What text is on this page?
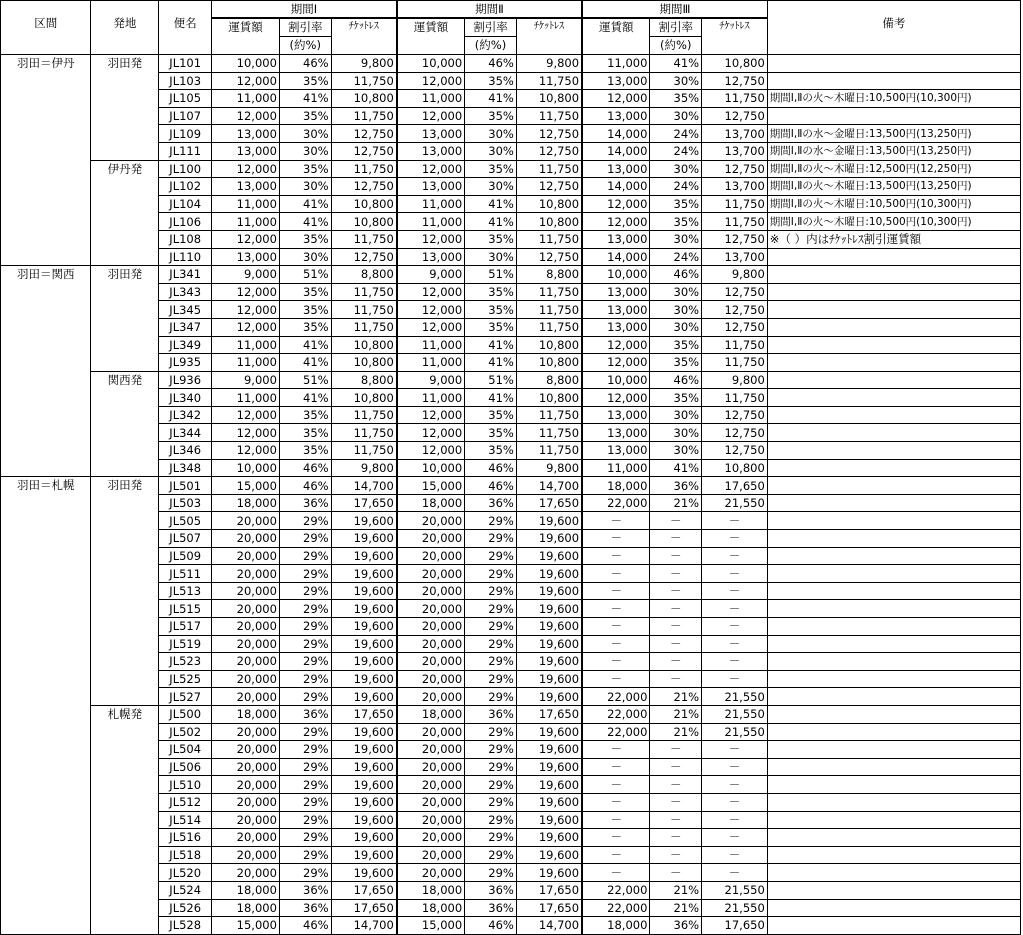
区間	発地	便名	期間Ⅰ			期間Ⅱ			期間Ⅲ			備考
			運賃額	割引率	ﾁｹｯﾄﾚｽ	運賃額	割引率	ﾁｹｯﾄﾚｽ	運賃額	割引率	ﾁｹｯﾄﾚｽ	
				(約%)			(約%)			(約%)		
羽田＝伊丹	羽田発	JL101	10,000	46%	9,800	10,000	46%	9,800	11,000	41%	10,800	
		JL103	12,000	35%	11,750	12,000	35%	11,750	13,000	30%	12,750	
		JL105	11,000	41%	10,800	11,000	41%	10,800	12,000	35%	11,750	期間Ⅰ,Ⅱの火～木曜日:10,500円(10,300円)
		JL107	12,000	35%	11,750	12,000	35%	11,750	13,000	30%	12,750	
		JL109	13,000	30%	12,750	13,000	30%	12,750	14,000	24%	13,700	期間Ⅰ,Ⅱの水～金曜日:13,500円(13,250円)
		JL111	13,000	30%	12,750	13,000	30%	12,750	14,000	24%	13,700	期間Ⅰ,Ⅱの水～金曜日:13,500円(13,250円)
	伊丹発	JL100	12,000	35%	11,750	12,000	35%	11,750	13,000	30%	12,750	期間Ⅰ,Ⅱの火～木曜日:12,500円(12,250円)
		JL102	13,000	30%	12,750	13,000	30%	12,750	14,000	24%	13,700	期間Ⅰ,Ⅱの火～木曜日:13,500円(13,250円)
		JL104	11,000	41%	10,800	11,000	41%	10,800	12,000	35%	11,750	期間Ⅰ,Ⅱの火～木曜日:10,500円(10,300円)
		JL106	11,000	41%	10,800	11,000	41%	10,800	12,000	35%	11,750	期間Ⅰ,Ⅱの火～木曜日:10,500円(10,300円)
		JL108	12,000	35%	11,750	12,000	35%	11,750	13,000	30%	12,750	※（ ）内はﾁｹｯﾄﾚｽ割引運賃額
		JL110	13,000	30%	12,750	13,000	30%	12,750	14,000	24%	13,700	
羽田＝関西	羽田発	JL341	9,000	51%	8,800	9,000	51%	8,800	10,000	46%	9,800	
		JL343	12,000	35%	11,750	12,000	35%	11,750	13,000	30%	12,750	
		JL345	12,000	35%	11,750	12,000	35%	11,750	13,000	30%	12,750	
		JL347	12,000	35%	11,750	12,000	35%	11,750	13,000	30%	12,750	
		JL349	11,000	41%	10,800	11,000	41%	10,800	12,000	35%	11,750	
		JL935	11,000	41%	10,800	11,000	41%	10,800	12,000	35%	11,750	
	関西発	JL936	9,000	51%	8,800	9,000	51%	8,800	10,000	46%	9,800	
		JL340	11,000	41%	10,800	11,000	41%	10,800	12,000	35%	11,750	
		JL342	12,000	35%	11,750	12,000	35%	11,750	13,000	30%	12,750	
		JL344	12,000	35%	11,750	12,000	35%	11,750	13,000	30%	12,750	
		JL346	12,000	35%	11,750	12,000	35%	11,750	13,000	30%	12,750	
		JL348	10,000	46%	9,800	10,000	46%	9,800	11,000	41%	10,800	
羽田＝札幌	羽田発	JL501	15,000	46%	14,700	15,000	46%	14,700	18,000	36%	17,650	
		JL503	18,000	36%	17,650	18,000	36%	17,650	22,000	21%	21,550	
		JL505	20,000	29%	19,600	20,000	29%	19,600	－	－	－	
		JL507	20,000	29%	19,600	20,000	29%	19,600	－	－	－	
		JL509	20,000	29%	19,600	20,000	29%	19,600	－	－	－	
		JL511	20,000	29%	19,600	20,000	29%	19,600	－	－	－	
		JL513	20,000	29%	19,600	20,000	29%	19,600	－	－	－	
		JL515	20,000	29%	19,600	20,000	29%	19,600	－	－	－	
		JL517	20,000	29%	19,600	20,000	29%	19,600	－	－	－	
		JL519	20,000	29%	19,600	20,000	29%	19,600	－	－	－	
		JL523	20,000	29%	19,600	20,000	29%	19,600	－	－	－	
		JL525	20,000	29%	19,600	20,000	29%	19,600	－	－	－	
		JL527	20,000	29%	19,600	20,000	29%	19,600	22,000	21%	21,550	
	札幌発	JL500	18,000	36%	17,650	18,000	36%	17,650	22,000	21%	21,550	
		JL502	20,000	29%	19,600	20,000	29%	19,600	22,000	21%	21,550	
		JL504	20,000	29%	19,600	20,000	29%	19,600	－	－	－	
		JL506	20,000	29%	19,600	20,000	29%	19,600	－	－	－	
		JL510	20,000	29%	19,600	20,000	29%	19,600	－	－	－	
		JL512	20,000	29%	19,600	20,000	29%	19,600	－	－	－	
		JL514	20,000	29%	19,600	20,000	29%	19,600	－	－	－	
		JL516	20,000	29%	19,600	20,000	29%	19,600	－	－	－	
		JL518	20,000	29%	19,600	20,000	29%	19,600	－	－	－	
		JL520	20,000	29%	19,600	20,000	29%	19,600	－	－	－	
		JL524	18,000	36%	17,650	18,000	36%	17,650	22,000	21%	21,550	
		JL526	18,000	36%	17,650	18,000	36%	17,650	22,000	21%	21,550	
		JL528	15,000	46%	14,700	15,000	46%	14,700	18,000	36%	17,650	
